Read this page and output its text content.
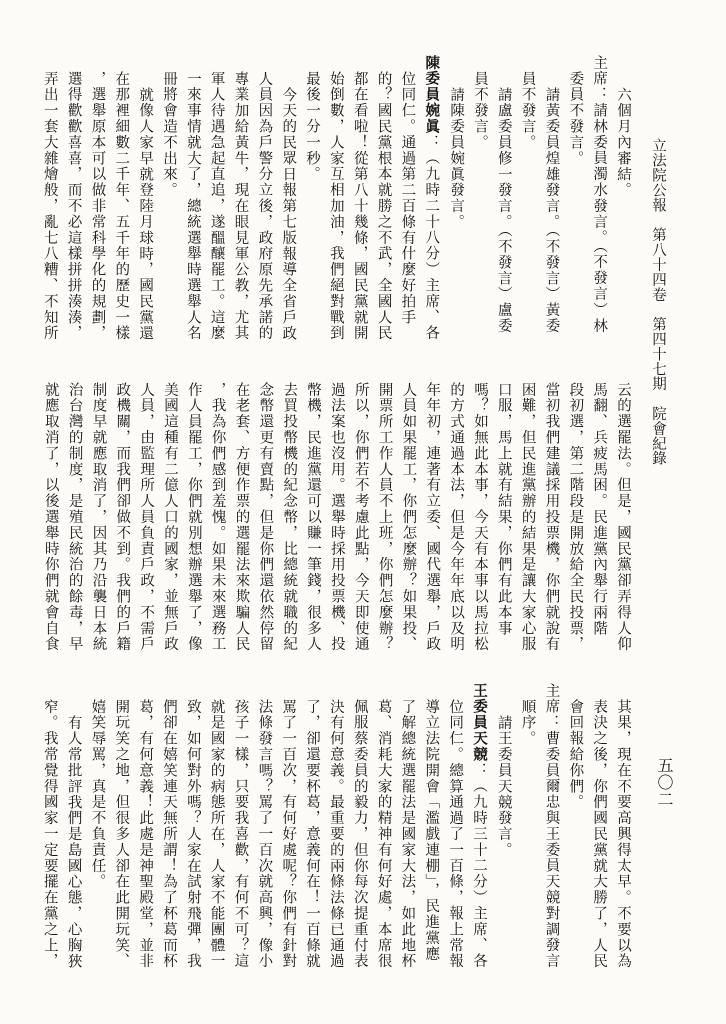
立法院公報　第八十四卷　第四十七期　院會紀錄
五〇二

六個月內審結。

主席：請林委員濁水發言。（不發言）林

委員不發言。

請黃委員煌雄發言。（不發言）黃委

員不發言。

請盧委員修一發言。（不發言）盧委

員不發言。

請陳委員婉眞發言。

陳委員婉眞：（九時二十八分）主席、各

位同仁。通過第二百條有什麼好拍手

的？國民黨根本就勝之不武，全國人民

都在看啦！從第八十幾條，國民黨就開

始倒數，人家互相加油，我們絕對戰到

最後一分一秒。

今天的民眾日報第七版報導全省戶政

人員因為戶警分立後，政府原先承諾的

專業加給黃牛，現在眼見軍公教，尤其

軍人待遇急起直追，遂醞釀罷工。這麼

一來事情就大了，總統選舉時選舉人名

冊將會造不出來。

就像人家早就登陸月球時，國民黨還

在那裡細數二千年、五千年的歷史一樣

，選舉原本可以做非常科學化的規劃，

選得歡歡喜喜，而不必這樣拼拼湊湊，

弄出一套大雜燴般，亂七八糟、不知所

云的選罷法。但是，國民黨卻弄得人仰

馬翻、兵疲馬困。民進黨內舉行兩階

段初選，第二階段是開放給全民投票，

當初我們建議採用投票機，你們就說有

困難，但民進黨辦的結果是讓大家心服

口服，馬上就有結果，你們有此本事

嗎？如無此本事，今天有本事以馬拉松

的方式通過本法，但是今年年底以及明

年年初，連著有立委、國代選舉，戶政

人員如果罷工，你們怎麼辦？如果投、

開票所工作人員不上班，你們怎麼辦？

所以，你們若不考慮此點，今天即使通

過法案也沒用。選舉時採用投票機、投

幣機，民進黨還可以賺一筆錢，很多人

去買投幣機的紀念幣，比總統就職的紀

念幣還更有賣點，但是你們還依然停留

在老套、方便作票的選罷法來欺騙人民

，我為你們感到羞愧。如果未來選務工

作人員罷工，你們就別想辦選舉了，像

美國這種有二億人口的國家，並無戶政

人員，由監理所人員負責戶政，不需戶

政機關，而我們卻做不到。我們的戶籍

制度早就應取消了，因其乃沿襲日本統

治台灣的制度，是殖民統治的餘毒，早

就應取消了，以後選舉時你們就會自食

其果，現在不要高興得太早。不要以為

表決之後，你們國民黨就大勝了，人民

會回報給你們。

主席：曹委員爾忠與王委員天競對調發言

順序。

請王委員天競發言。

王委員天競：（九時三十二分）主席、各

位同仁。總算通過了一百條，報上常報

導立法院開會「濫戲連棚」，民進黨應

了解總統選罷法是國家大法，如此地杯

葛、消耗大家的精神有何好處，本席很

佩服蔡委員的毅力，但你每次提重付表

決有何意義。最重要的兩條法條已通過

了，卻還要杯葛，意義何在！一百條就

罵了一百次，有何好處呢？你們有針對

法條發言嗎？罵了一百次就高興，像小

孩子一樣，只要我喜歡，有何不可？這

就是國家的病態所在，人家不能團體一

致，如何對外嗎？人家在試射飛彈，我

們卻在嬉笑連天無所謂！為了杯葛而杯

葛，有何意義！此處是神聖殿堂，並非

開玩笑之地，但很多人卻在此開玩笑、

嬉笑辱罵，真是不負責任。

有人常批評我們是島國心態，心胸狹

窄。我常覺得國家一定要擺在黨之上，
